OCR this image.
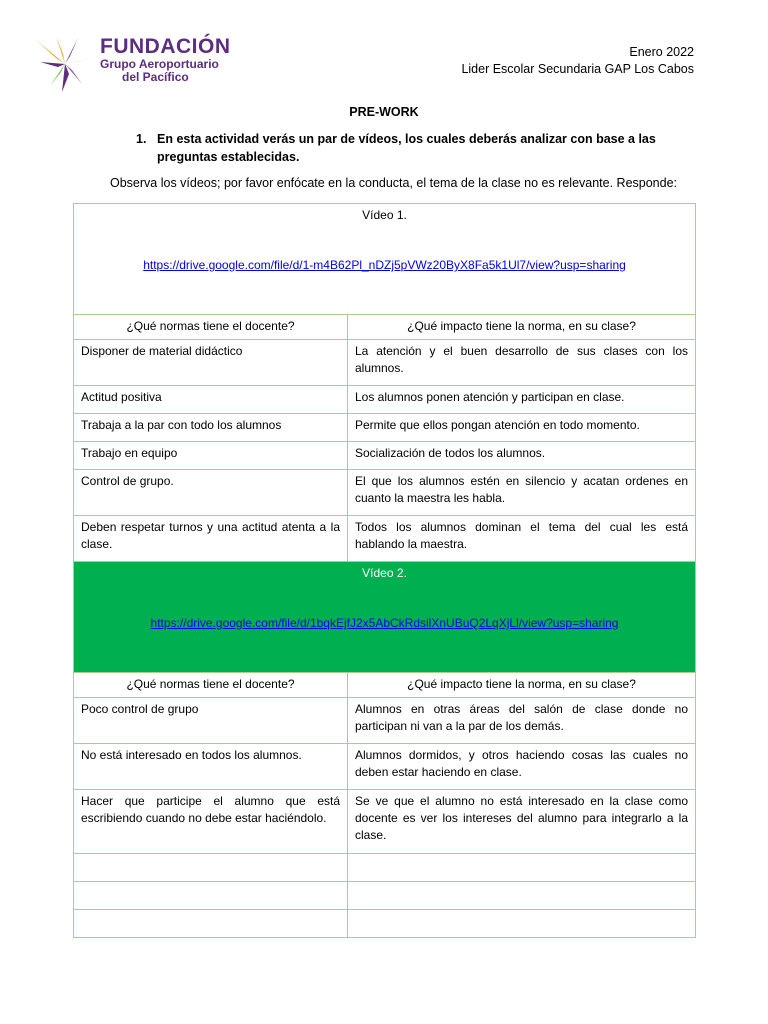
FUNDACIÓN
Grupo Aeroportuario
del Pacífico
Enero 2022
Lider Escolar Secundaria GAP Los Cabos
PRE-WORK
1. En esta actividad verás un par de vídeos, los cuales deberás analizar con base a las preguntas establecidas.
Observa los vídeos; por favor enfócate en la conducta, el tema de la clase no es relevante. Responde:
Vídeo 1.
https://drive.google.com/file/d/1-m4B62Pl_nDZj5pVWz20ByX8Fa5k1Ul7/view?usp=sharing	
¿Qué normas tiene el docente?	¿Qué impacto tiene la norma, en su clase?
Disponer de material didáctico	La atención y el buen desarrollo de sus clases con los alumnos.
Actitud positiva	Los alumnos ponen atención y participan en clase.
Trabaja a la par con todo los alumnos	Permite que ellos pongan atención en todo momento.
Trabajo en equipo	Socialización de todos los alumnos.
Control de grupo.	El que los alumnos estén en silencio y acatan ordenes en cuanto la maestra les habla.
Deben respetar turnos y una actitud atenta a la clase.	Todos los alumnos dominan el tema del cual les está hablando la maestra.

Vídeo 2.
https://drive.google.com/file/d/1bqkEjfJ2x5AbCkRdsilXnUBuQ2LqXjLl/view?usp=sharing	
¿Qué normas tiene el docente?	¿Qué impacto tiene la norma, en su clase?
Poco control de grupo	Alumnos en otras áreas del salón de clase donde no participan ni van a la par de los demás.
No está interesado en todos los alumnos.	Alumnos dormidos, y otros haciendo cosas las cuales no deben estar haciendo en clase.
Hacer que participe el alumno que está escribiendo cuando no debe estar haciéndolo.	Se ve que el alumno no está interesado en la clase como docente es ver los intereses del alumno para integrarlo a la clase.
